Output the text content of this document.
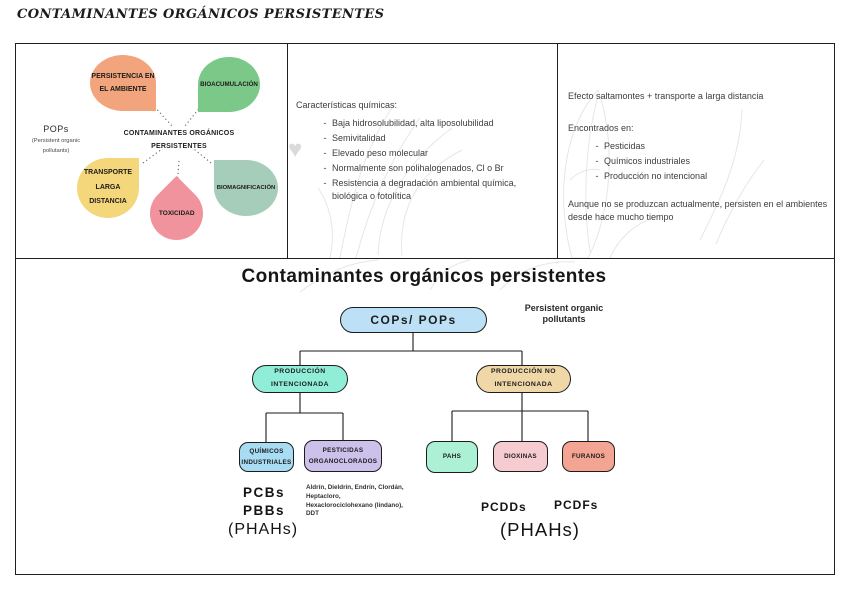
CONTAMINANTES ORGÁNICOS PERSISTENTES
PERSISTENCIA EN EL AMBIENTE
BIOACUMULACIÓN
TRANSPORTE LARGA DISTANCIA
BIOMAGNIFICACIÓN
TOXICIDAD
CONTAMINANTES ORGÁNICOS
PERSISTENTES
POPs
(Persistent organic pollutants)	♥
Características químicas:
- Baja hidrosolubilidad, alta liposolubilidad
- Semivitalidad
- Elevado peso molecular
- Normalmente son polihalogenados, Cl o Br
- Resistencia a degradación ambiental química, biológica o fotolítica
Efecto saltamontes + transporte a larga distancia
Encontrados en:
- Pesticidas
- Químicos industriales
- Producción no intencional
Aunque no se produzcan actualmente, persisten en el ambientes desde hace mucho tiempo
Contaminantes orgánicos persistentes
COPs/ POPs
Persistent organic pollutants
PRODUCCIÓN INTENCIONADA
PRODUCCIÓN NO INTENCIONADA
QUÍMICOS INDUSTRIALES
PESTICIDAS ORGANOCLORADOS
PAHS	DIOXINAS	FURANOS
PCBs
PBBs
Aldrín, Dieldrín, Endrín, Clordán, Heptacloro, Hexaclorociclohexano (lindano), DDT
(PHAHs)
PCDDs PCDFs
(PHAHs)
